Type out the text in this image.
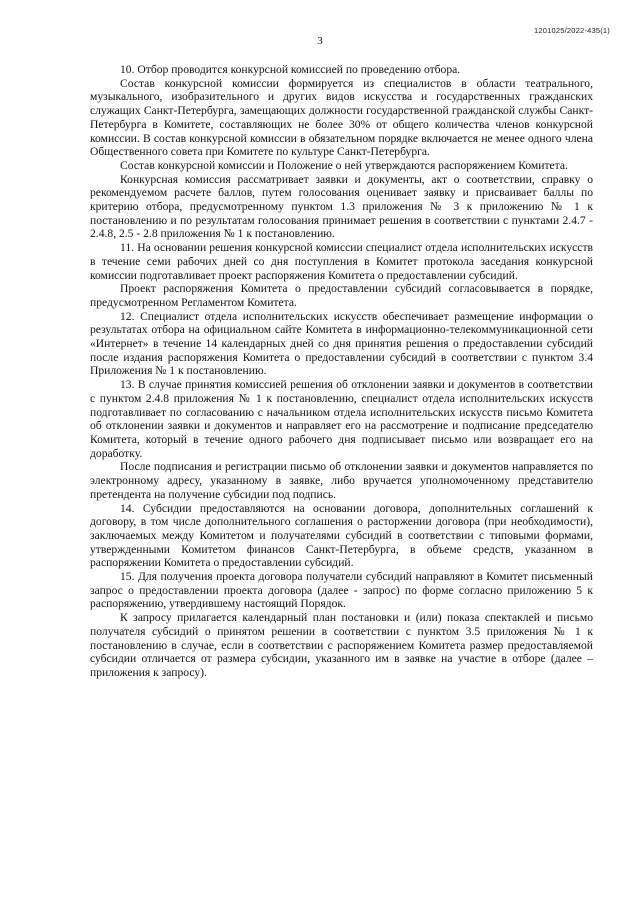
1201025/2022-435(1)
3

10. Отбор проводится конкурсной комиссией по проведению отбора.

Состав конкурсной комиссии формируется из специалистов в области театрального, музыкального, изобразительного и других видов искусства и государственных гражданских служащих Санкт-Петербурга, замещающих должности государственной гражданской службы Санкт-Петербурга в Комитете, составляющих не более 30% от общего количества членов конкурсной комиссии. В состав конкурсной комиссии в обязательном порядке включается не менее одного члена Общественного совета при Комитете по культуре Санкт-Петербурга.

Состав конкурсной комиссии и Положение о ней утверждаются распоряжением Комитета.

Конкурсная комиссия рассматривает заявки и документы, акт о соответствии, справку о рекомендуемом расчете баллов, путем голосования оценивает заявку и присваивает баллы по критерию отбора, предусмотренному пунктом 1.3 приложения № 3 к приложению № 1 к постановлению и по результатам голосования принимает решения в соответствии с пунктами 2.4.7 - 2.4.8, 2.5 - 2.8 приложения № 1 к постановлению.

11. На основании решения конкурсной комиссии специалист отдела исполнительских искусств в течение семи рабочих дней со дня поступления в Комитет протокола заседания конкурсной комиссии подготавливает проект распоряжения Комитета о предоставлении субсидий.

Проект распоряжения Комитета о предоставлении субсидий согласовывается в порядке, предусмотренном Регламентом Комитета.

12. Специалист отдела исполнительских искусств обеспечивает размещение информации о результатах отбора на официальном сайте Комитета в информационно-телекоммуникационной сети «Интернет» в течение 14 календарных дней со дня принятия решения о предоставлении субсидий после издания распоряжения Комитета о предоставлении субсидий в соответствии с пунктом 3.4 Приложения № 1 к постановлению.

13. В случае принятия комиссией решения об отклонении заявки и документов в соответствии с пунктом 2.4.8 приложения № 1 к постановлению, специалист отдела исполнительских искусств подготавливает по согласованию с начальником отдела исполнительских искусств письмо Комитета об отклонении заявки и документов и направляет его на рассмотрение и подписание председателю Комитета, который в течение одного рабочего дня подписывает письмо или возвращает его на доработку.

После подписания и регистрации письмо об отклонении заявки и документов направляется по электронному адресу, указанному в заявке, либо вручается уполномоченному представителю претендента на получение субсидии под подпись.

14. Субсидии предоставляются на основании договора, дополнительных соглашений к договору, в том числе дополнительного соглашения о расторжении договора (при необходимости), заключаемых между Комитетом и получателями субсидий в соответствии с типовыми формами, утвержденными Комитетом финансов Санкт-Петербурга, в объеме средств, указанном в распоряжении Комитета о предоставлении субсидий.

15. Для получения проекта договора получатели субсидий направляют в Комитет письменный запрос о предоставлении проекта договора (далее - запрос) по форме согласно приложению 5 к распоряжению, утвердившему настоящий Порядок.

К запросу прилагается календарный план постановки и (или) показа спектаклей и письмо получателя субсидий о принятом решении в соответствии с пунктом 3.5 приложения № 1 к постановлению в случае, если в соответствии с распоряжением Комитета размер предоставляемой субсидии отличается от размера субсидии, указанного им в заявке на участие в отборе (далее – приложения к запросу).
